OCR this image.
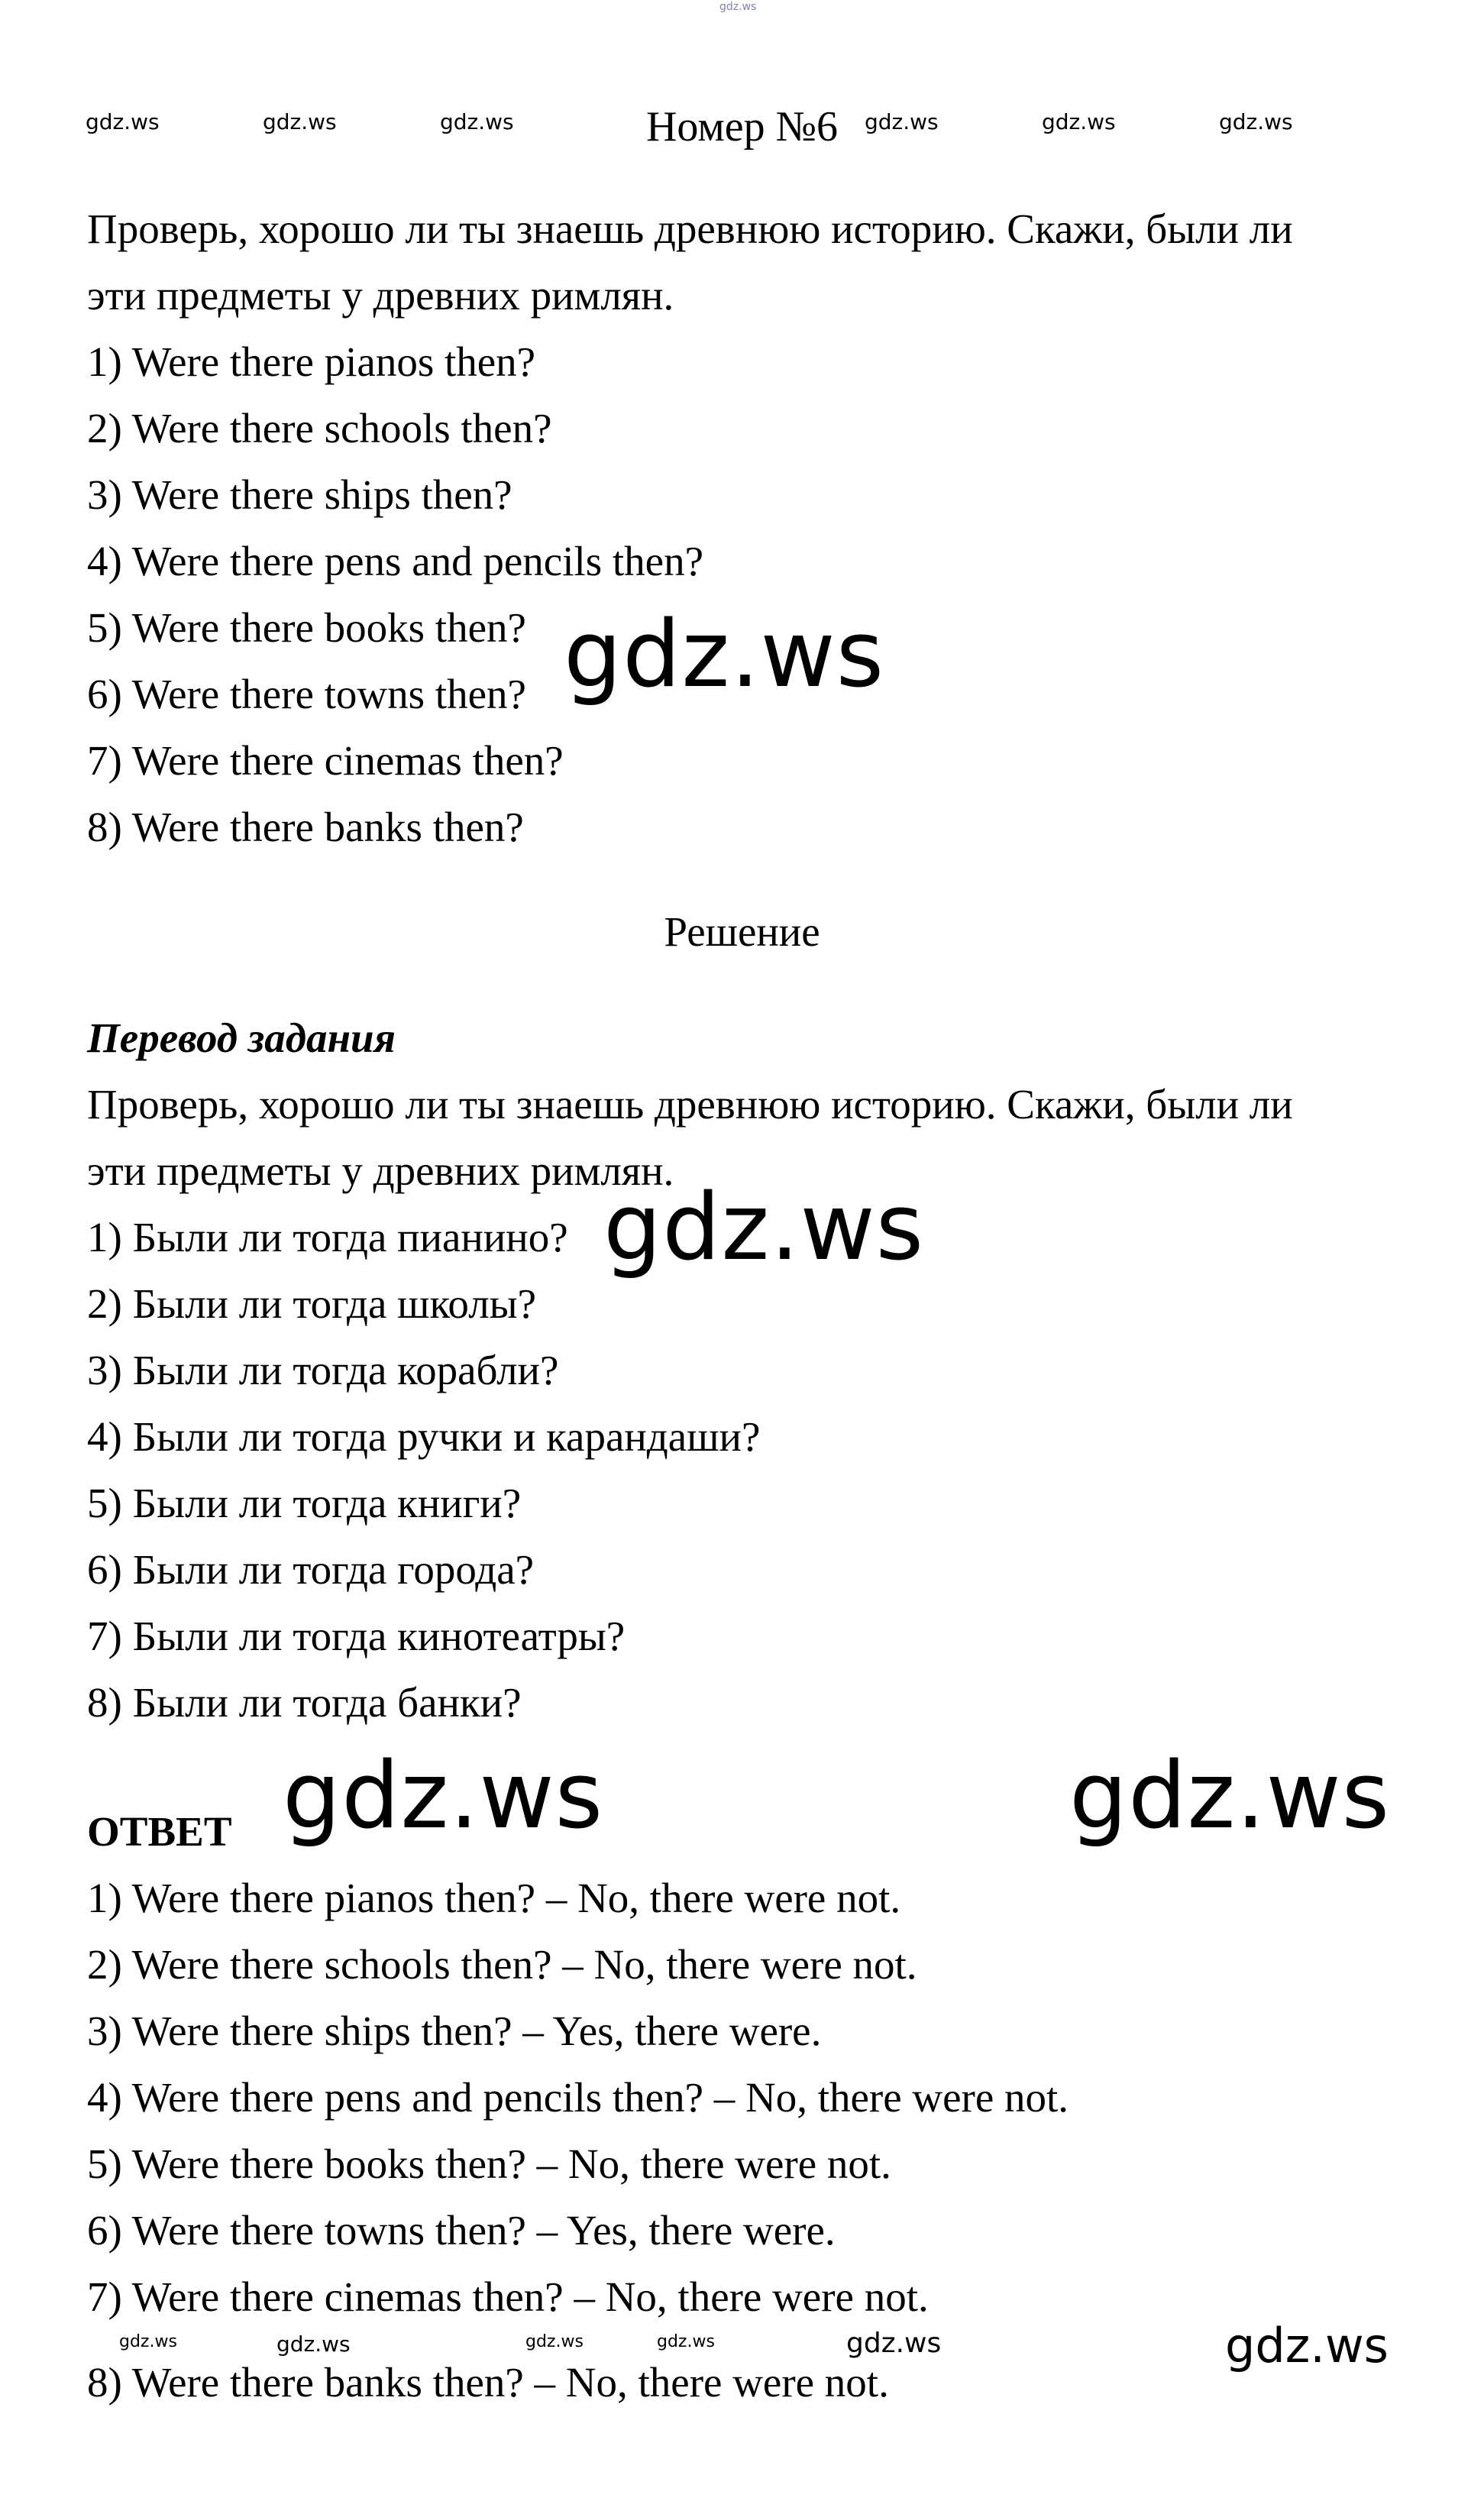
gdz.ws
gdz.ws	gdz.ws	gdz.ws	gdz.ws	gdz.ws	gdz.ws
Номер №6
Проверь, хорошо ли ты знаешь древнюю историю. Скажи, были ли
эти предметы у древних римлян.
1) Were there pianos then?
2) Were there schools then?
3) Were there ships then?
4) Were there pens and pencils then?
5) Were there books then?
6) Were there towns then?
7) Were there cinemas then?
8) Were there banks then?
gdz.ws
Решение
Перевод задания
Проверь, хорошо ли ты знаешь древнюю историю. Скажи, были ли
эти предметы у древних римлян.
1) Были ли тогда пианино?
2) Были ли тогда школы?
3) Были ли тогда корабли?
4) Были ли тогда ручки и карандаши?
5) Были ли тогда книги?
6) Были ли тогда города?
7) Были ли тогда кинотеатры?
8) Были ли тогда банки?
gdz.ws
gdz.ws	gdz.ws
ОТВЕТ
1) Were there pianos then? – No, there were not.
2) Were there schools then? – No, there were not.
3) Were there ships then? – Yes, there were.
4) Were there pens and pencils then? – No, there were not.
5) Were there books then? – No, there were not.
6) Were there towns then? – Yes, there were.
7) Were there cinemas then? – No, there were not.
8) Were there banks then? – No, there were not.
gdz.ws	gdz.ws	gdz.ws	gdz.ws	gdz.ws	gdz.ws
